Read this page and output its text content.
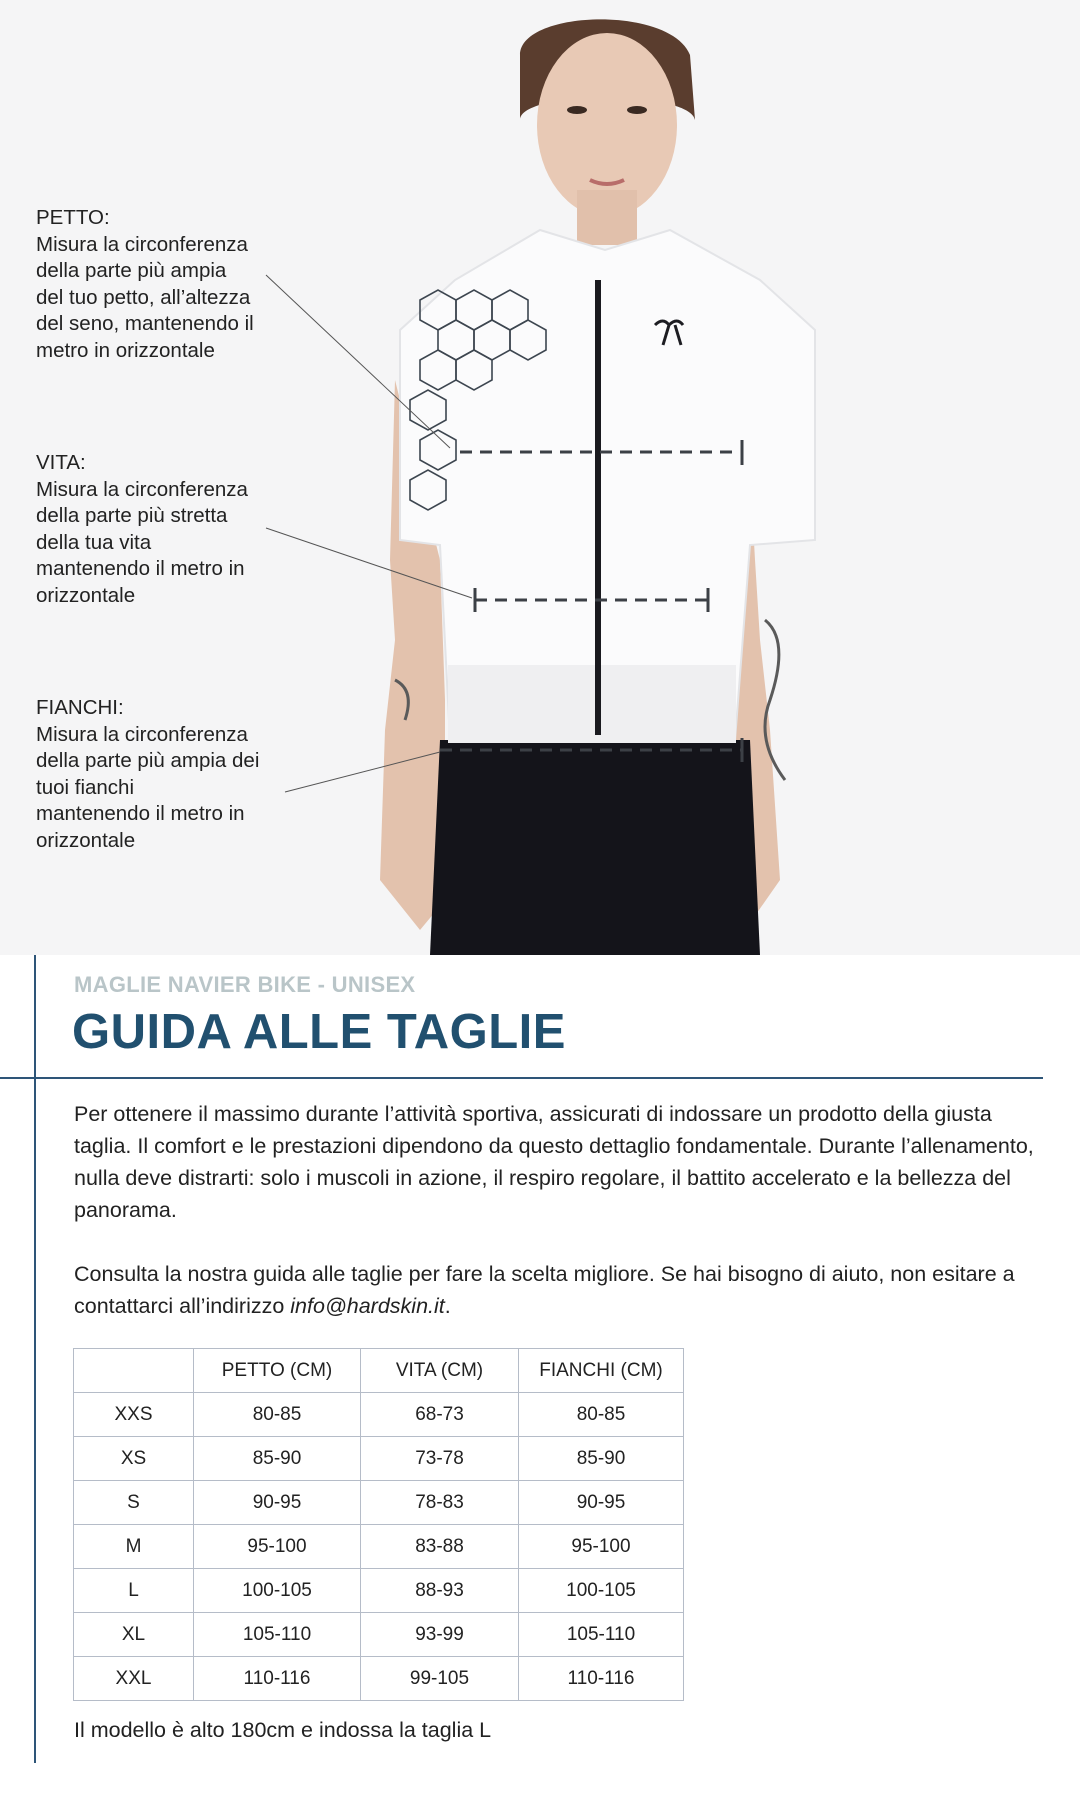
PETTO:
Misura la circonferenza
della parte più ampia
del tuo petto, all’altezza
del seno, mantenendo il
metro in orizzontale
VITA:
Misura la circonferenza
della parte più stretta
della tua vita
mantenendo il metro in
orizzontale
FIANCHI:
Misura la circonferenza
della parte più ampia dei
tuoi fianchi
mantenendo il metro in
orizzontale
MAGLIE NAVIER BIKE - UNISEX
GUIDA ALLE TAGLIE

Per ottenere il massimo durante l’attività sportiva, assicurati di indossare un prodotto della giusta taglia. Il comfort e le prestazioni dipendono da questo dettaglio fondamentale. Durante l’allenamento, nulla deve distrarti: solo i muscoli in azione, il respiro regolare, il battito accelerato e la bellezza del panorama.

Consulta la nostra guida alle taglie per fare la scelta migliore. Se hai bisogno di aiuto, non esitare a contattarci all’indirizzo info@hardskin.it.

	PETTO (CM)	VITA (CM)	FIANCHI (CM)
XXS	80-85	68-73	80-85
XS	85-90	73-78	85-90
S	90-95	78-83	90-95
M	95-100	83-88	95-100
L	100-105	88-93	100-105
XL	105-110	93-99	105-110
XXL	110-116	99-105	110-116
Il modello è alto 180cm e indossa la taglia L
